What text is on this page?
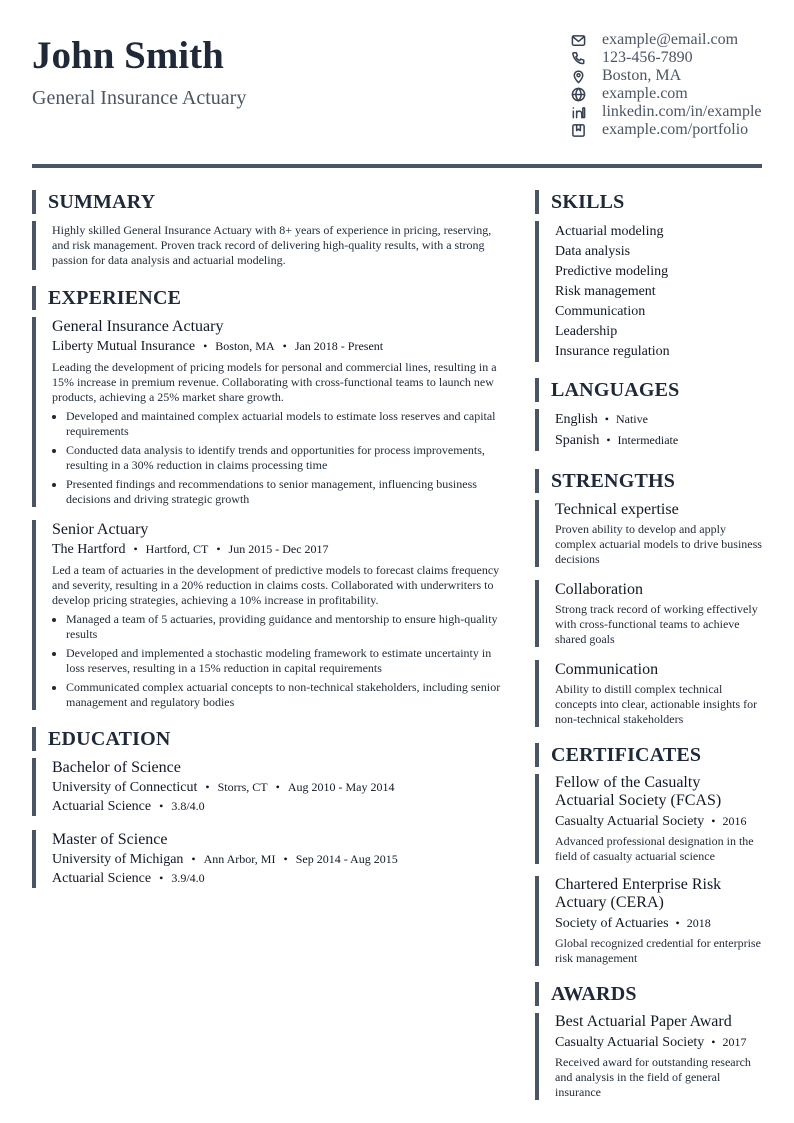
John Smith
General Insurance Actuary
example@email.com
123-456-7890
Boston, MA
example.com
linkedin.com/in/example
example.com/portfolio
SUMMARY
Highly skilled General Insurance Actuary with 8+ years of experience in pricing, reserving, and risk management. Proven track record of delivering high-quality results, with a strong passion for data analysis and actuarial modeling.
EXPERIENCE
General Insurance Actuary
Liberty Mutual Insurance • Boston, MA • Jan 2018 - Present
Leading the development of pricing models for personal and commercial lines, resulting in a 15% increase in premium revenue. Collaborating with cross-functional teams to launch new products, achieving a 25% market share growth.
• Developed and maintained complex actuarial models to estimate loss reserves and capital requirements
• Conducted data analysis to identify trends and opportunities for process improvements, resulting in a 30% reduction in claims processing time
• Presented findings and recommendations to senior management, influencing business decisions and driving strategic growth
Senior Actuary
The Hartford • Hartford, CT • Jun 2015 - Dec 2017
Led a team of actuaries in the development of predictive models to forecast claims frequency and severity, resulting in a 20% reduction in claims costs. Collaborated with underwriters to develop pricing strategies, achieving a 10% increase in profitability.
• Managed a team of 5 actuaries, providing guidance and mentorship to ensure high-quality results
• Developed and implemented a stochastic modeling framework to estimate uncertainty in loss reserves, resulting in a 15% reduction in capital requirements
• Communicated complex actuarial concepts to non-technical stakeholders, including senior management and regulatory bodies
EDUCATION
Bachelor of Science
University of Connecticut • Storrs, CT • Aug 2010 - May 2014
Actuarial Science • 3.8/4.0
Master of Science
University of Michigan • Ann Arbor, MI • Sep 2014 - Aug 2015
Actuarial Science • 3.9/4.0
SKILLS
Actuarial modeling
Data analysis
Predictive modeling
Risk management
Communication
Leadership
Insurance regulation
LANGUAGES
English • Native
Spanish • Intermediate
STRENGTHS
Technical expertise
Proven ability to develop and apply complex actuarial models to drive business decisions
Collaboration
Strong track record of working effectively with cross-functional teams to achieve shared goals
Communication
Ability to distill complex technical concepts into clear, actionable insights for non-technical stakeholders
CERTIFICATES
Fellow of the Casualty Actuarial Society (FCAS)
Casualty Actuarial Society • 2016
Advanced professional designation in the field of casualty actuarial science
Chartered Enterprise Risk Actuary (CERA)
Society of Actuaries • 2018
Global recognized credential for enterprise risk management
AWARDS
Best Actuarial Paper Award
Casualty Actuarial Society • 2017
Received award for outstanding research and analysis in the field of general insurance
